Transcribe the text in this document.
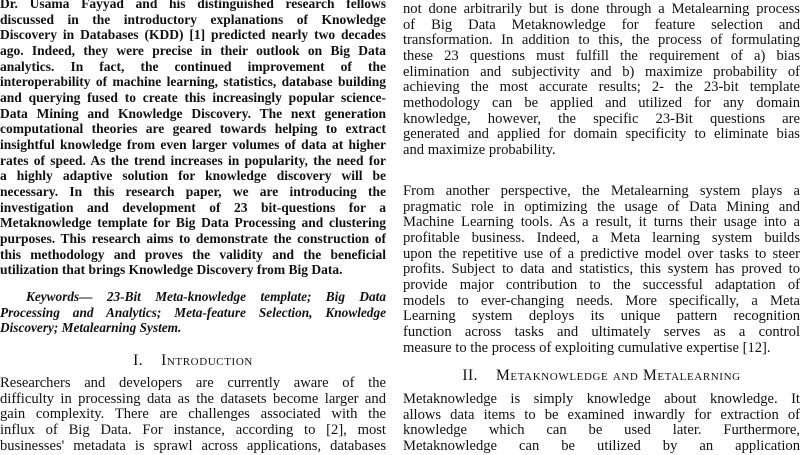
Dr. Usama Fayyad and his distinguished research fellows
discussed in the introductory explanations of Knowledge
Discovery in Databases (KDD) [1] predicted nearly two decades
ago. Indeed, they were precise in their outlook on Big Data
analytics. In fact, the continued improvement of the
interoperability of machine learning, statistics, database building
and querying fused to create this increasingly popular science-
Data Mining and Knowledge Discovery. The next generation
computational theories are geared towards helping to extract
insightful knowledge from even larger volumes of data at higher
rates of speed. As the trend increases in popularity, the need for
a highly adaptive solution for knowledge discovery will be
necessary. In this research paper, we are introducing the
investigation and development of 23 bit-questions for a
Metaknowledge template for Big Data Processing and clustering
purposes. This research aims to demonstrate the construction of
this methodology and proves the validity and the beneficial
utilization that brings Knowledge Discovery from Big Data.
Keywords— 23-Bit Meta-knowledge template; Big Data
Processing and Analytics; Meta-feature Selection, Knowledge
Discovery; Metalearning System.
I. Introduction
Researchers and developers are currently aware of the
difficulty in processing data as the datasets become larger and
gain complexity. There are challenges associated with the
influx of Big Data. For instance, according to [2], most
businesses' metadata is sprawl across applications, databases
not done arbitrarily but is done through a Metalearning process
of Big Data Metaknowledge for feature selection and
transformation. In addition to this, the process of formulating
these 23 questions must fulfill the requirement of a) bias
elimination and subjectivity and b) maximize probability of
achieving the most accurate results; 2- the 23-bit template
methodology can be applied and utilized for any domain
knowledge, however, the specific 23-Bit questions are
generated and applied for domain specificity to eliminate bias
and maximize probability.
From another perspective, the Metalearning system plays a
pragmatic role in optimizing the usage of Data Mining and
Machine Learning tools. As a result, it turns their usage into a
profitable business. Indeed, a Meta learning system builds
upon the repetitive use of a predictive model over tasks to steer
profits. Subject to data and statistics, this system has proved to
provide major contribution to the successful adaptation of
models to ever-changing needs. More specifically, a Meta
Learning system deploys its unique pattern recognition
function across tasks and ultimately serves as a control
measure to the process of exploiting cumulative expertise [12].
II. Metaknowledge and Metalearning
Metaknowledge is simply knowledge about knowledge. It
allows data items to be examined inwardly for extraction of
knowledge which can be used later. Furthermore,
Metaknowledge can be utilized by an application
